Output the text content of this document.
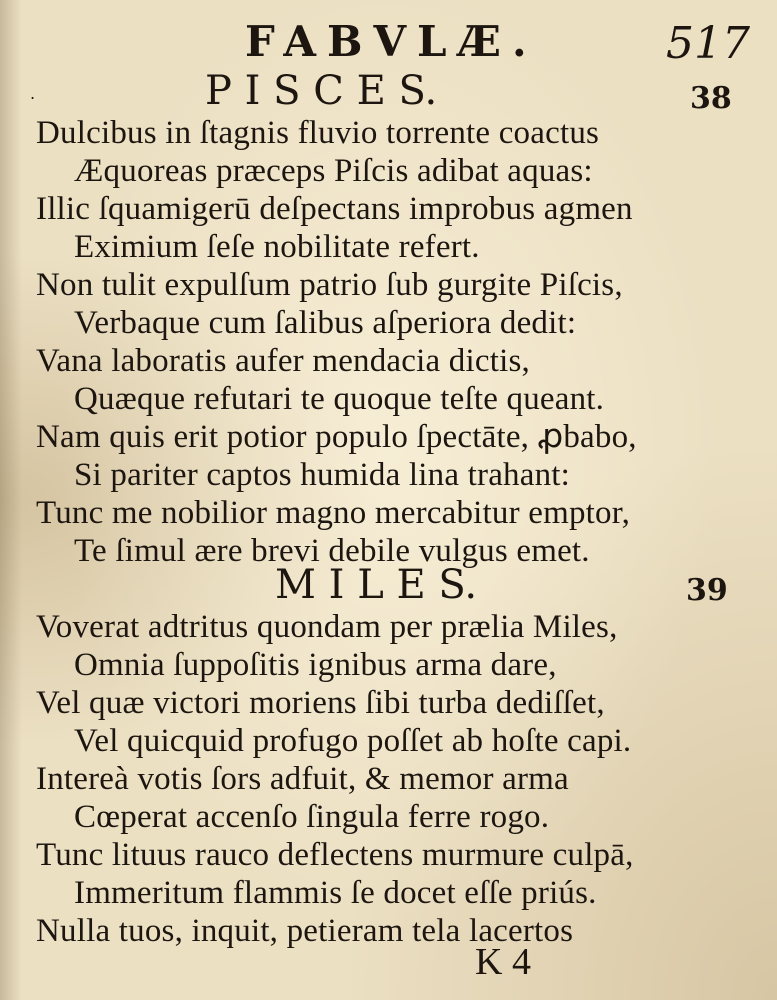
FABVLÆ.	517
.	P I S C E S.	38
Dulcibus in ſtagnis fluvio torrente coactus
Æquoreas præceps Piſcis adibat aquas:
Illic ſquamigerū deſpectans improbus agmen
Eximium ſeſe nobilitate refert.
Non tulit expulſum patrio ſub gurgite Piſcis,
Verbaque cum ſalibus aſperiora dedit:
Vana laboratis aufer mendacia dictis,
Quæque refutari te quoque teſte queant.
Nam quis erit potior populo ſpectāte, ꝓbabo,
Si pariter captos humida lina trahant:
Tunc me nobilior magno mercabitur emptor,
Te ſimul ære brevi debile vulgus emet.
M I L E S.	39
Voverat adtritus quondam per prælia Miles,
Omnia ſuppoſitis ignibus arma dare,
Vel quæ victori moriens ſibi turba dediſſet,
Vel quicquid profugo poſſet ab hoſte capi.
Intereà votis ſors adfuit, & memor arma
Cœperat accenſo ſingula ferre rogo.
Tunc lituus rauco deflectens murmure culpā,
Immeritum flammis ſe docet eſſe priús.
Nulla tuos, inquit, petieram tela lacertos
K 4
